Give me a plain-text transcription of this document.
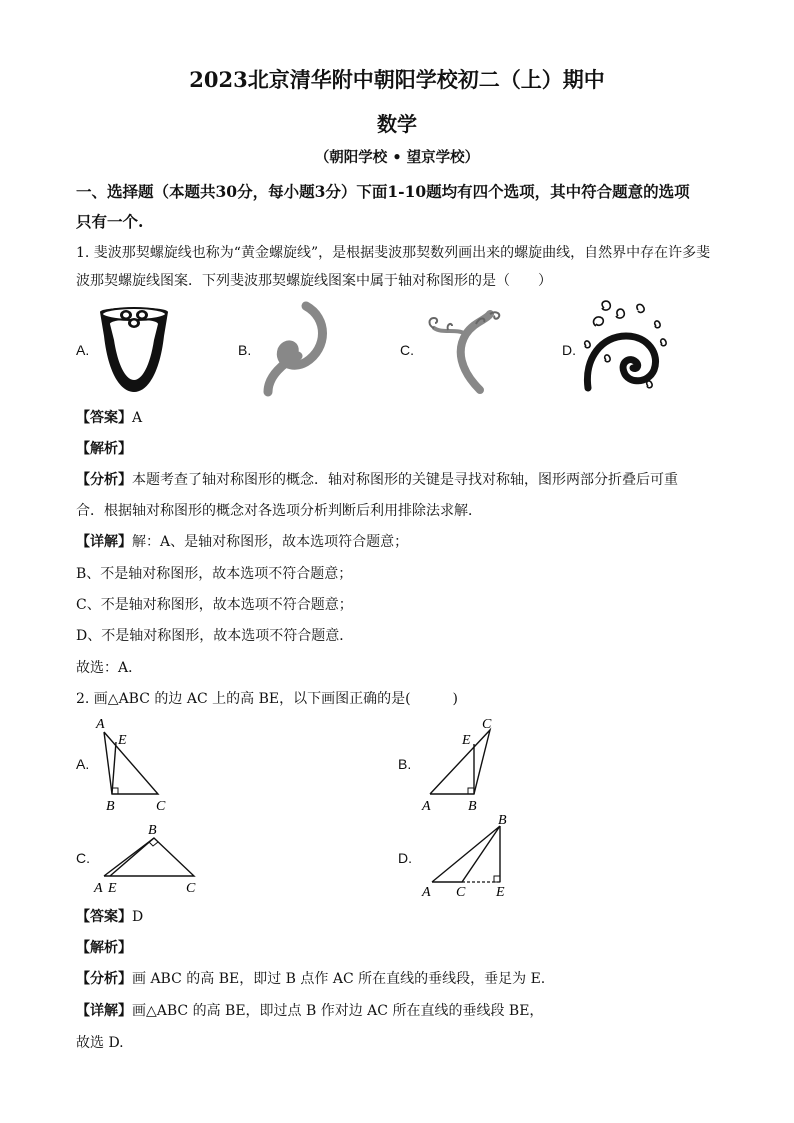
2023北京清华附中朝阳学校初二（上）期中
数学
（朝阳学校 • 望京学校）
一、选择题（本题共30分，每小题3分）下面1-10题均有四个选项，其中符合题意的选项
只有一个.
1. 斐波那契螺旋线也称为“黄金螺旋线”，是根据斐波那契数列画出来的螺旋曲线，自然界中存在许多斐
波那契螺旋线图案．下列斐波那契螺旋线图案中属于轴对称图形的是（　　）
A.	B.	C.	D.
【答案】A
【解析】
【分析】本题考查了轴对称图形的概念．轴对称图形的关键是寻找对称轴，图形两部分折叠后可重
合．根据轴对称图形的概念对各选项分析判断后利用排除法求解．
【详解】解：A、是轴对称图形，故本选项符合题意；
B、不是轴对称图形，故本选项不符合题意；
C、不是轴对称图形，故本选项不符合题意；
D、不是轴对称图形，故本选项不符合题意．
故选：A．
2. 画△ABC 的边 AC 上的高 BE，以下画图正确的是(　　　)
A.	B.
C.	D.
A
E
B	C
C
E
A	B
B
A E	C
B
A C E
【答案】D
【解析】
【分析】画 ABC 的高 BE，即过 B 点作 AC 所在直线的垂线段，垂足为 E.
【详解】画△ABC 的高 BE，即过点 B 作对边 AC 所在直线的垂线段 BE，
故选 D.
